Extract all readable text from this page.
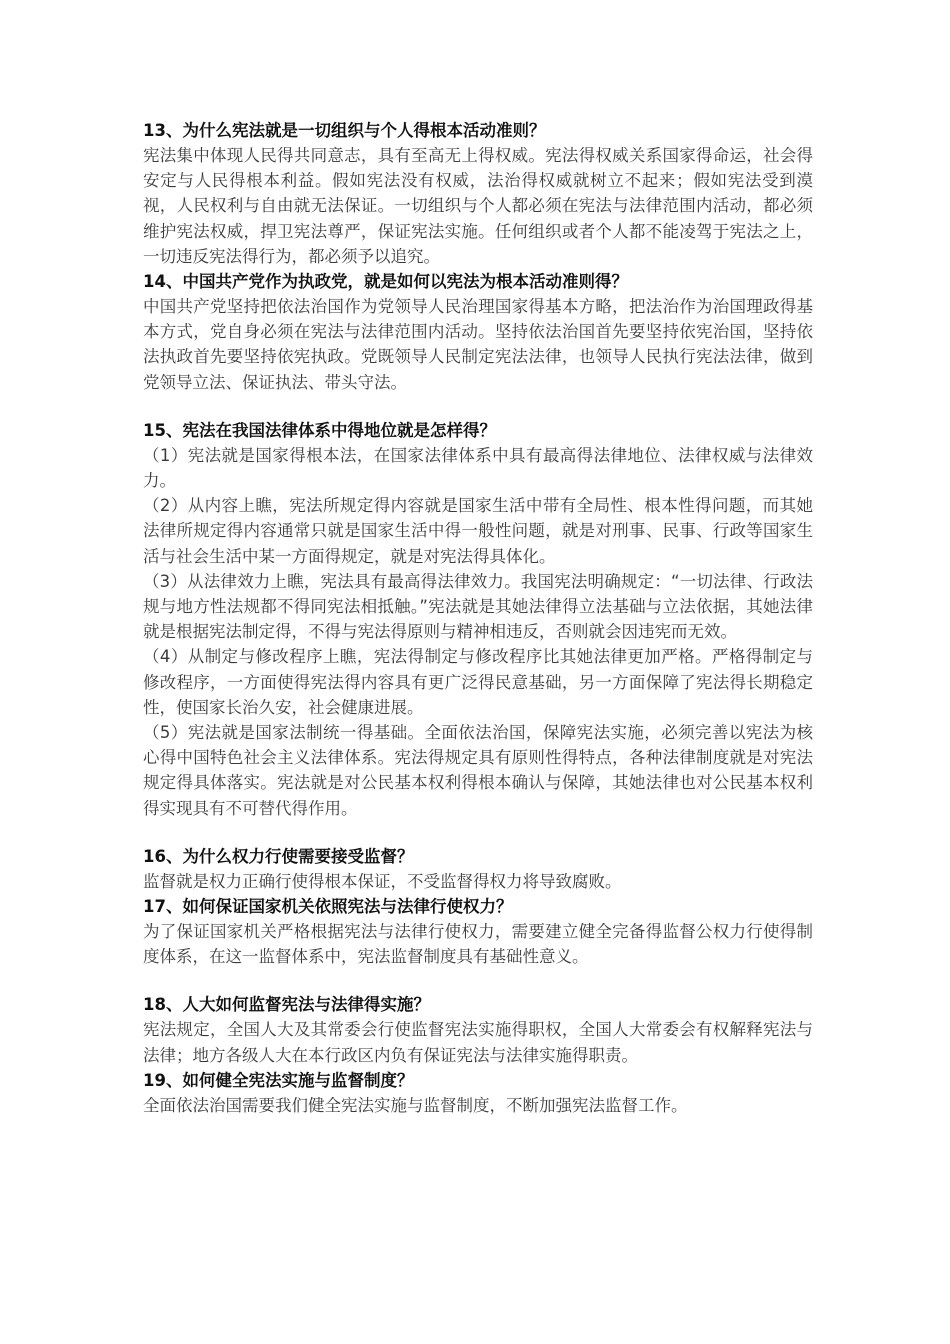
13、为什么宪法就是一切组织与个人得根本活动准则？

宪法集中体现人民得共同意志，具有至高无上得权威。宪法得权威关系国家得命运，社会得安定与人民得根本利益。假如宪法没有权威，法治得权威就树立不起来；假如宪法受到漠视，人民权利与自由就无法保证。一切组织与个人都必须在宪法与法律范围内活动，都必须维护宪法权威，捍卫宪法尊严，保证宪法实施。任何组织或者个人都不能凌驾于宪法之上，一切违反宪法得行为，都必须予以追究。

14、中国共产党作为执政党，就是如何以宪法为根本活动准则得？

中国共产党坚持把依法治国作为党领导人民治理国家得基本方略，把法治作为治国理政得基本方式，党自身必须在宪法与法律范围内活动。坚持依法治国首先要坚持依宪治国，坚持依法执政首先要坚持依宪执政。党既领导人民制定宪法法律，也领导人民执行宪法法律，做到党领导立法、保证执法、带头守法。

15、宪法在我国法律体系中得地位就是怎样得？

（1）宪法就是国家得根本法，在国家法律体系中具有最高得法律地位、法律权威与法律效力。

（2）从内容上瞧，宪法所规定得内容就是国家生活中带有全局性、根本性得问题，而其她法律所规定得内容通常只就是国家生活中得一般性问题，就是对刑事、民事、行政等国家生活与社会生活中某一方面得规定，就是对宪法得具体化。

（3）从法律效力上瞧，宪法具有最高得法律效力。我国宪法明确规定：“一切法律、行政法规与地方性法规都不得同宪法相抵触。”宪法就是其她法律得立法基础与立法依据，其她法律就是根据宪法制定得，不得与宪法得原则与精神相违反，否则就会因违宪而无效。

（4）从制定与修改程序上瞧，宪法得制定与修改程序比其她法律更加严格。严格得制定与修改程序，一方面使得宪法得内容具有更广泛得民意基础，另一方面保障了宪法得长期稳定性，使国家长治久安，社会健康进展。

（5）宪法就是国家法制统一得基础。全面依法治国，保障宪法实施，必须完善以宪法为核心得中国特色社会主义法律体系。宪法得规定具有原则性得特点，各种法律制度就是对宪法规定得具体落实。宪法就是对公民基本权利得根本确认与保障，其她法律也对公民基本权利得实现具有不可替代得作用。

16、为什么权力行使需要接受监督？

监督就是权力正确行使得根本保证，不受监督得权力将导致腐败。

17、如何保证国家机关依照宪法与法律行使权力？

为了保证国家机关严格根据宪法与法律行使权力，需要建立健全完备得监督公权力行使得制度体系，在这一监督体系中，宪法监督制度具有基础性意义。

18、人大如何监督宪法与法律得实施？

宪法规定，全国人大及其常委会行使监督宪法实施得职权，全国人大常委会有权解释宪法与法律；地方各级人大在本行政区内负有保证宪法与法律实施得职责。

19、如何健全宪法实施与监督制度？

全面依法治国需要我们健全宪法实施与监督制度，不断加强宪法监督工作。
